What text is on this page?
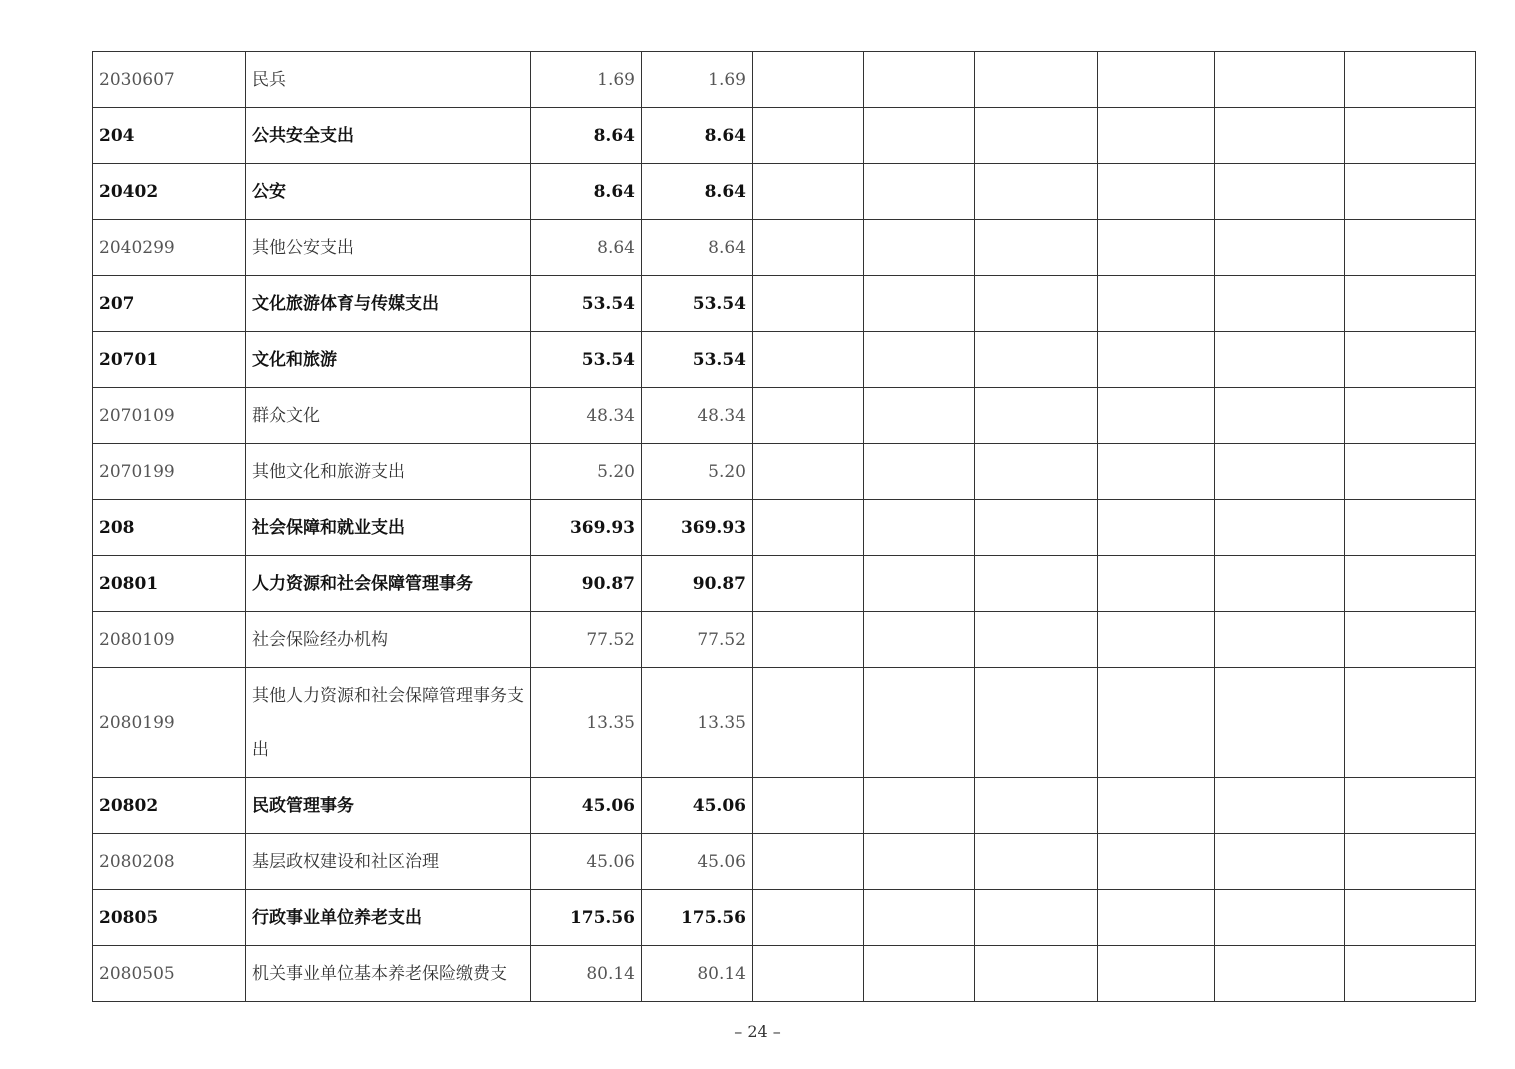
2030607	民兵	1.69	1.69						
204	公共安全支出	8.64	8.64						
20402	公安	8.64	8.64						
2040299	其他公安支出	8.64	8.64						
207	文化旅游体育与传媒支出	53.54	53.54						
20701	文化和旅游	53.54	53.54						
2070109	群众文化	48.34	48.34						
2070199	其他文化和旅游支出	5.20	5.20						
208	社会保障和就业支出	369.93	369.93						
20801	人力资源和社会保障管理事务	90.87	90.87						
2080109	社会保险经办机构	77.52	77.52						
2080199	其他人力资源和社会保障管理事务支出	13.35	13.35						
20802	民政管理事务	45.06	45.06						
2080208	基层政权建设和社区治理	45.06	45.06						
20805	行政事业单位养老支出	175.56	175.56						
2080505	机关事业单位基本养老保险缴费支	80.14	80.14						
– 24 –
